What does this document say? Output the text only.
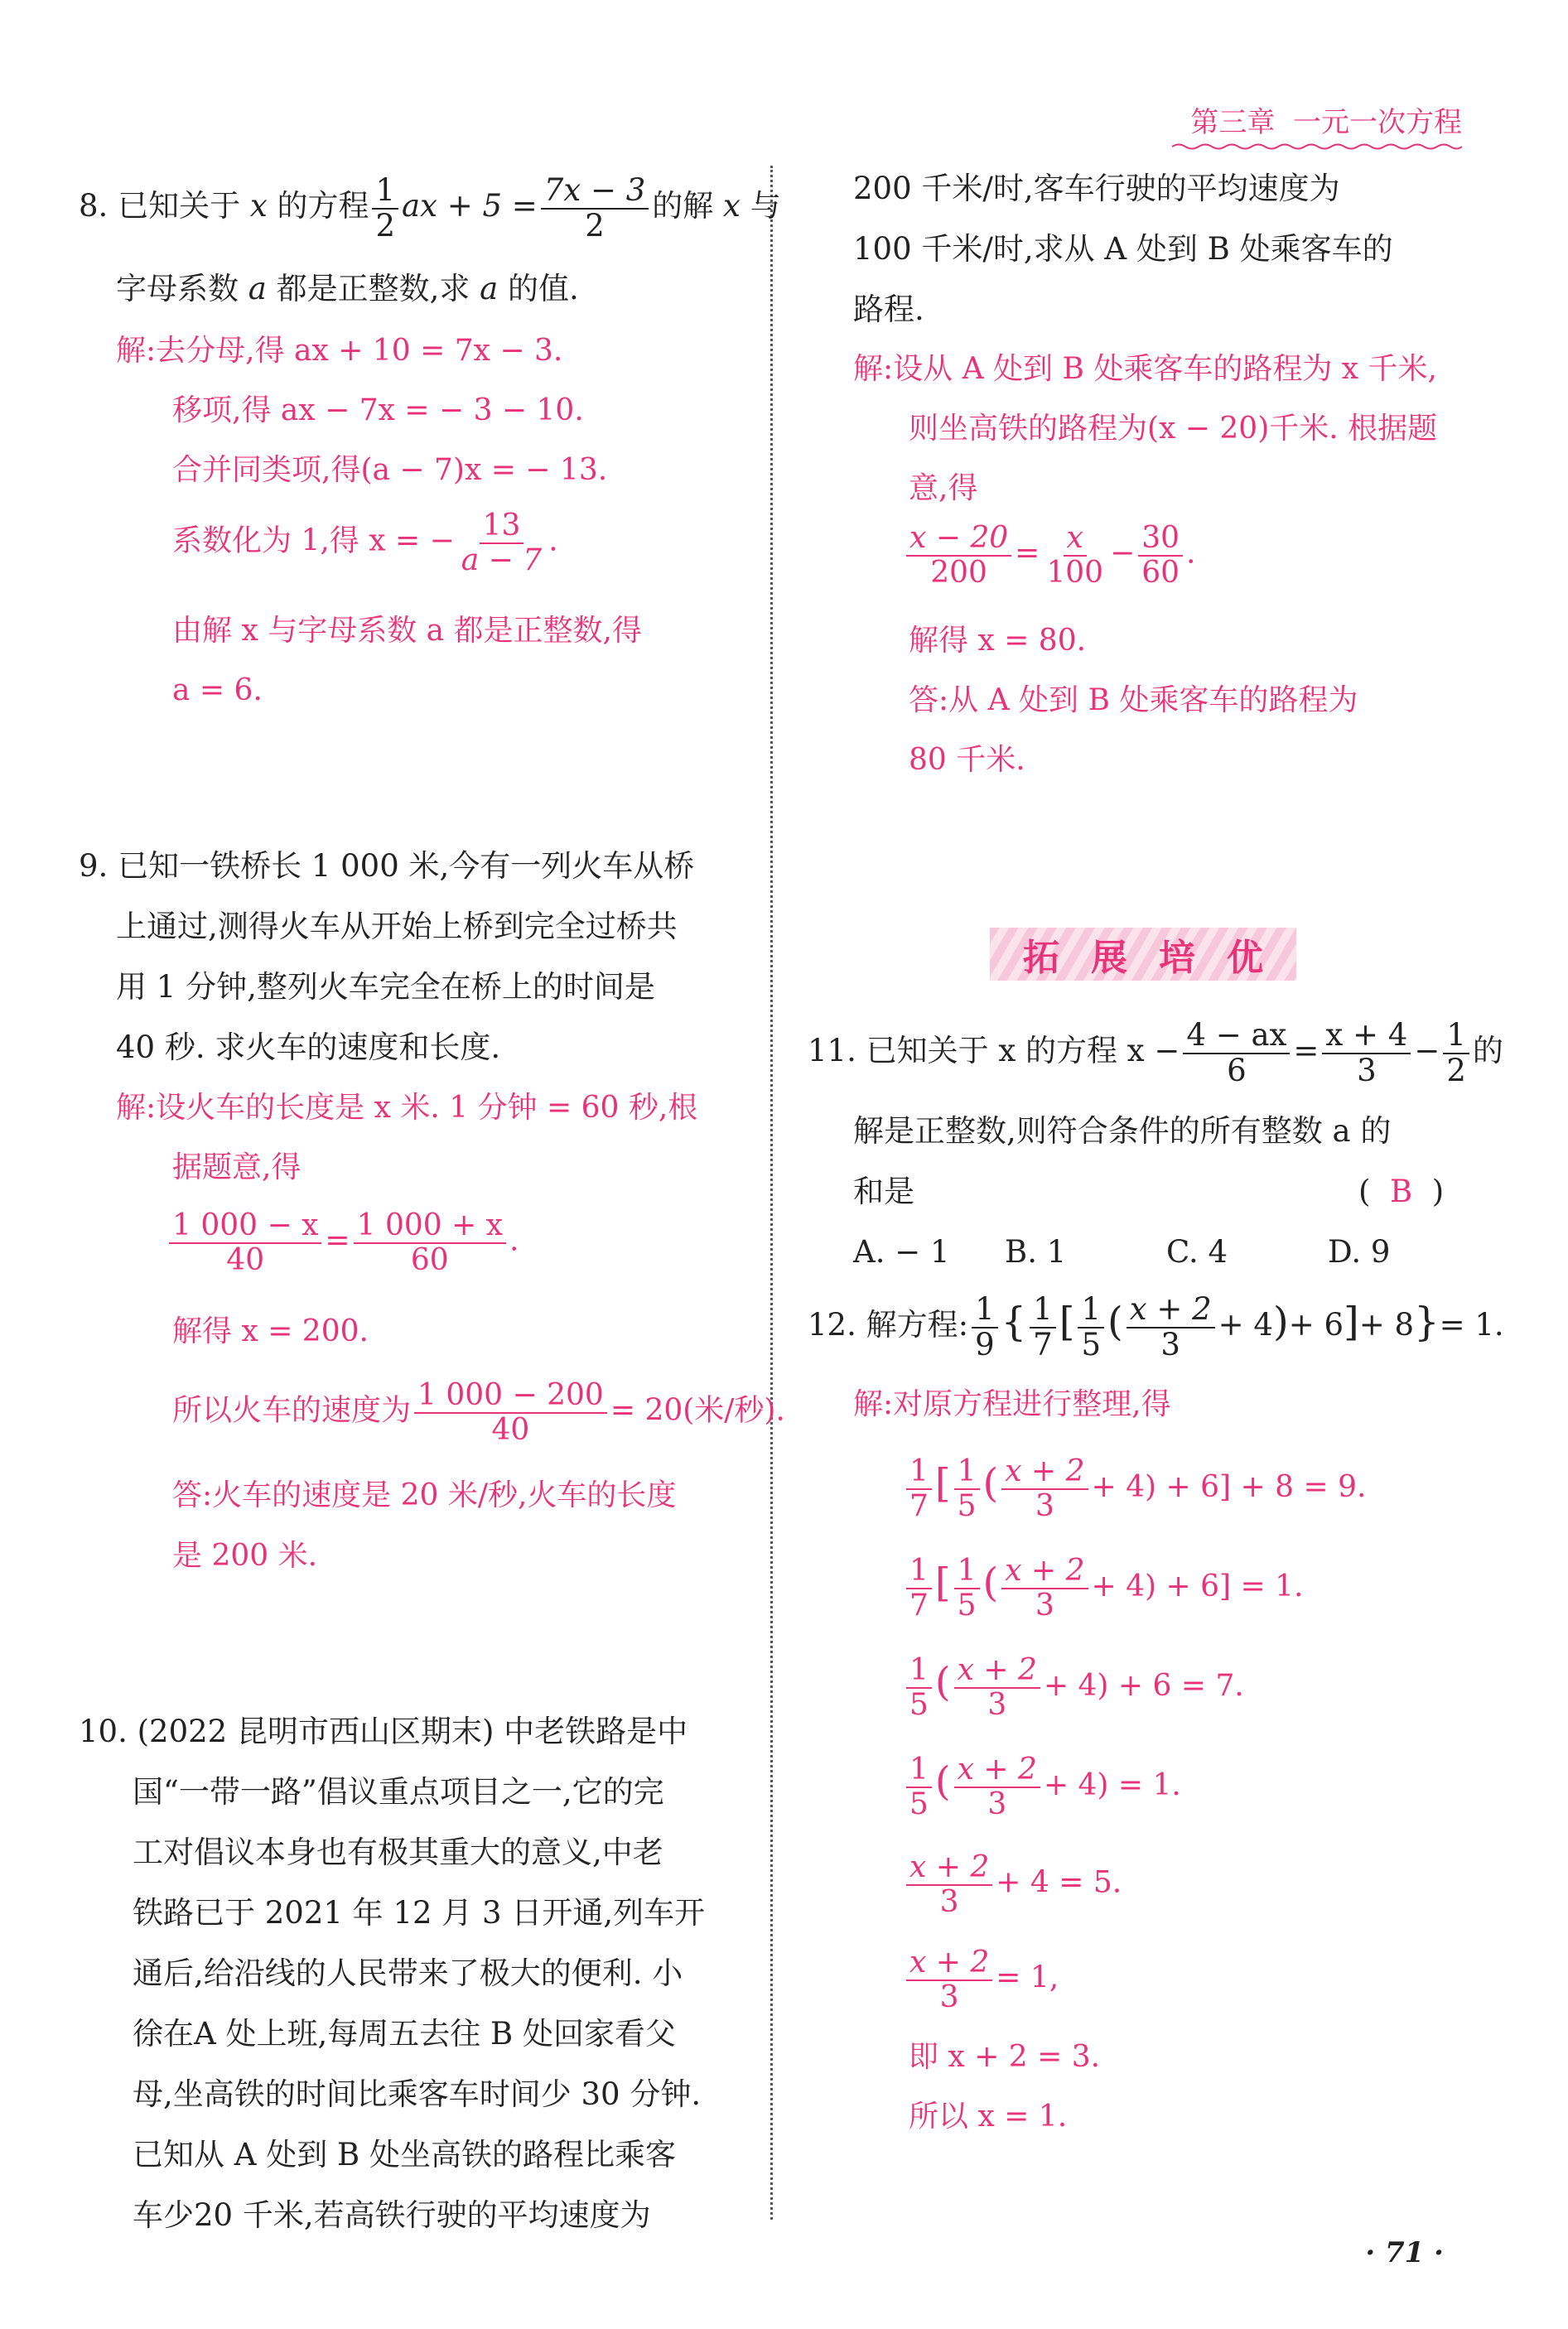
第三章 一元一次方程
8. 已知关于 x 的方程 $\frac{1}{2}$ ax + $5 = \frac{7x - 3}{2}$ 的解 x 与
字母系数 a 都是正整数,求 a 的值.
解:去分母,得 ax + 10 = 7x − 3.
移项,得 ax − 7x = − 3 − 10.
合并同类项,得(a − 7)x = − 13.
系数化为 1,得 x = − $\frac{13}{a - 7}$ .
由解 x 与字母系数 a 都是正整数,得
a = 6.
9. 已知一铁桥长 1 000 米,今有一列火车从桥
上通过,测得火车从开始上桥到完全过桥共
用 1 分钟,整列火车完全在桥上的时间是
40 秒. 求火车的速度和长度.
解:设火车的长度是 x 米. 1 分钟 = 60 秒,根
据题意,得
$\frac{1 000 - x}{40} = \frac{1 000 + x}{60}$ .
解得 x = 200.
所以火车的速度为 $\frac{1 000 - 200}{40} = 20$(米/秒).
答:火车的速度是 20 米/秒,火车的长度
是 200 米.
10. (2022 昆明市西山区期末) 中老铁路是中
国“一带一路”倡议重点项目之一,它的完
工对倡议本身也有极其重大的意义,中老
铁路已于 2021 年 12 月 3 日开通,列车开
通后,给沿线的人民带来了极大的便利. 小
徐在A 处上班,每周五去往 B 处回家看父
母,坐高铁的时间比乘客车时间少 30 分钟.
已知从 A 处到 B 处坐高铁的路程比乘客
车少20 千米,若高铁行驶的平均速度为
200 千米/时,客车行驶的平均速度为
100 千米/时,求从 A 处到 B 处乘客车的
路程.
解:设从 A 处到 B 处乘客车的路程为 x 千米,
则坐高铁的路程为(x − 20)千米. 根据题
意,得
$\frac{x - 20}{200} = \frac{x}{100} - \frac{30}{60}$ .
解得 x = 80.
答:从 A 处到 B 处乘客车的路程为
80 千米.
拓展培优
11. 已知关于 x 的方程 $x - \frac{4 - ax}{6} = \frac{x + 4}{3} - \frac{1}{2}$ 的
解是正整数,则符合条件的所有整数 a 的
和是	( B )
A. − 1 B. 1	C. 4	D. 9
12. 解方程: $\frac{1}{9}$ { $\frac{1}{7}$ [ $\frac{1}{5}$ ( $\frac{x + 2}{3} + 4)+ 6]+ 8\}= 1$.
解:对原方程进行整理,得
$\frac{1}{7}$ [ $\frac{1}{5}$ ( $\frac{x + 2}{3} + 4) + 6] + 8 = 9$.
$\frac{1}{7}$ [ $\frac{1}{5}$ ( $\frac{x + 2}{3} + 4) + 6] = 1$.
$\frac{1}{5}$ ( $\frac{x + 2}{3} + 4) + 6 = 7$.
$\frac{1}{5}$ ( $\frac{x + 2}{3} + 4) = 1$.
$\frac{x + 2}{3} + 4 = 5$.
$\frac{x + 2}{3} = 1$,
即 x + 2 = 3.
所以 x = 1.
· 71 ·
